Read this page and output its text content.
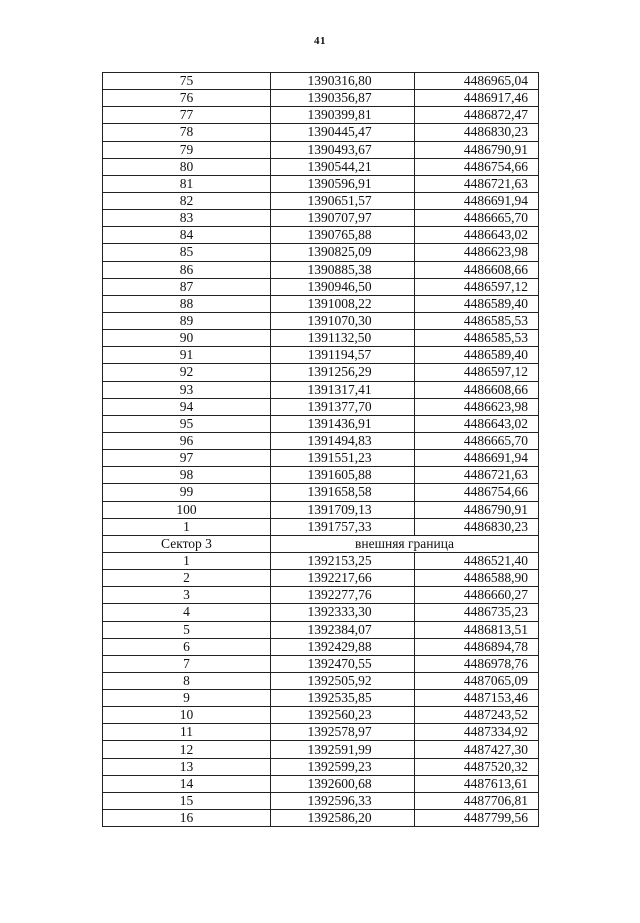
41
75	1390316,80	4486965,04
76	1390356,87	4486917,46
77	1390399,81	4486872,47
78	1390445,47	4486830,23
79	1390493,67	4486790,91
80	1390544,21	4486754,66
81	1390596,91	4486721,63
82	1390651,57	4486691,94
83	1390707,97	4486665,70
84	1390765,88	4486643,02
85	1390825,09	4486623,98
86	1390885,38	4486608,66
87	1390946,50	4486597,12
88	1391008,22	4486589,40
89	1391070,30	4486585,53
90	1391132,50	4486585,53
91	1391194,57	4486589,40
92	1391256,29	4486597,12
93	1391317,41	4486608,66
94	1391377,70	4486623,98
95	1391436,91	4486643,02
96	1391494,83	4486665,70
97	1391551,23	4486691,94
98	1391605,88	4486721,63
99	1391658,58	4486754,66
100	1391709,13	4486790,91
1	1391757,33	4486830,23
Сектор 3	внешняя граница	
1	1392153,25	4486521,40
2	1392217,66	4486588,90
3	1392277,76	4486660,27
4	1392333,30	4486735,23
5	1392384,07	4486813,51
6	1392429,88	4486894,78
7	1392470,55	4486978,76
8	1392505,92	4487065,09
9	1392535,85	4487153,46
10	1392560,23	4487243,52
11	1392578,97	4487334,92
12	1392591,99	4487427,30
13	1392599,23	4487520,32
14	1392600,68	4487613,61
15	1392596,33	4487706,81
16	1392586,20	4487799,56
